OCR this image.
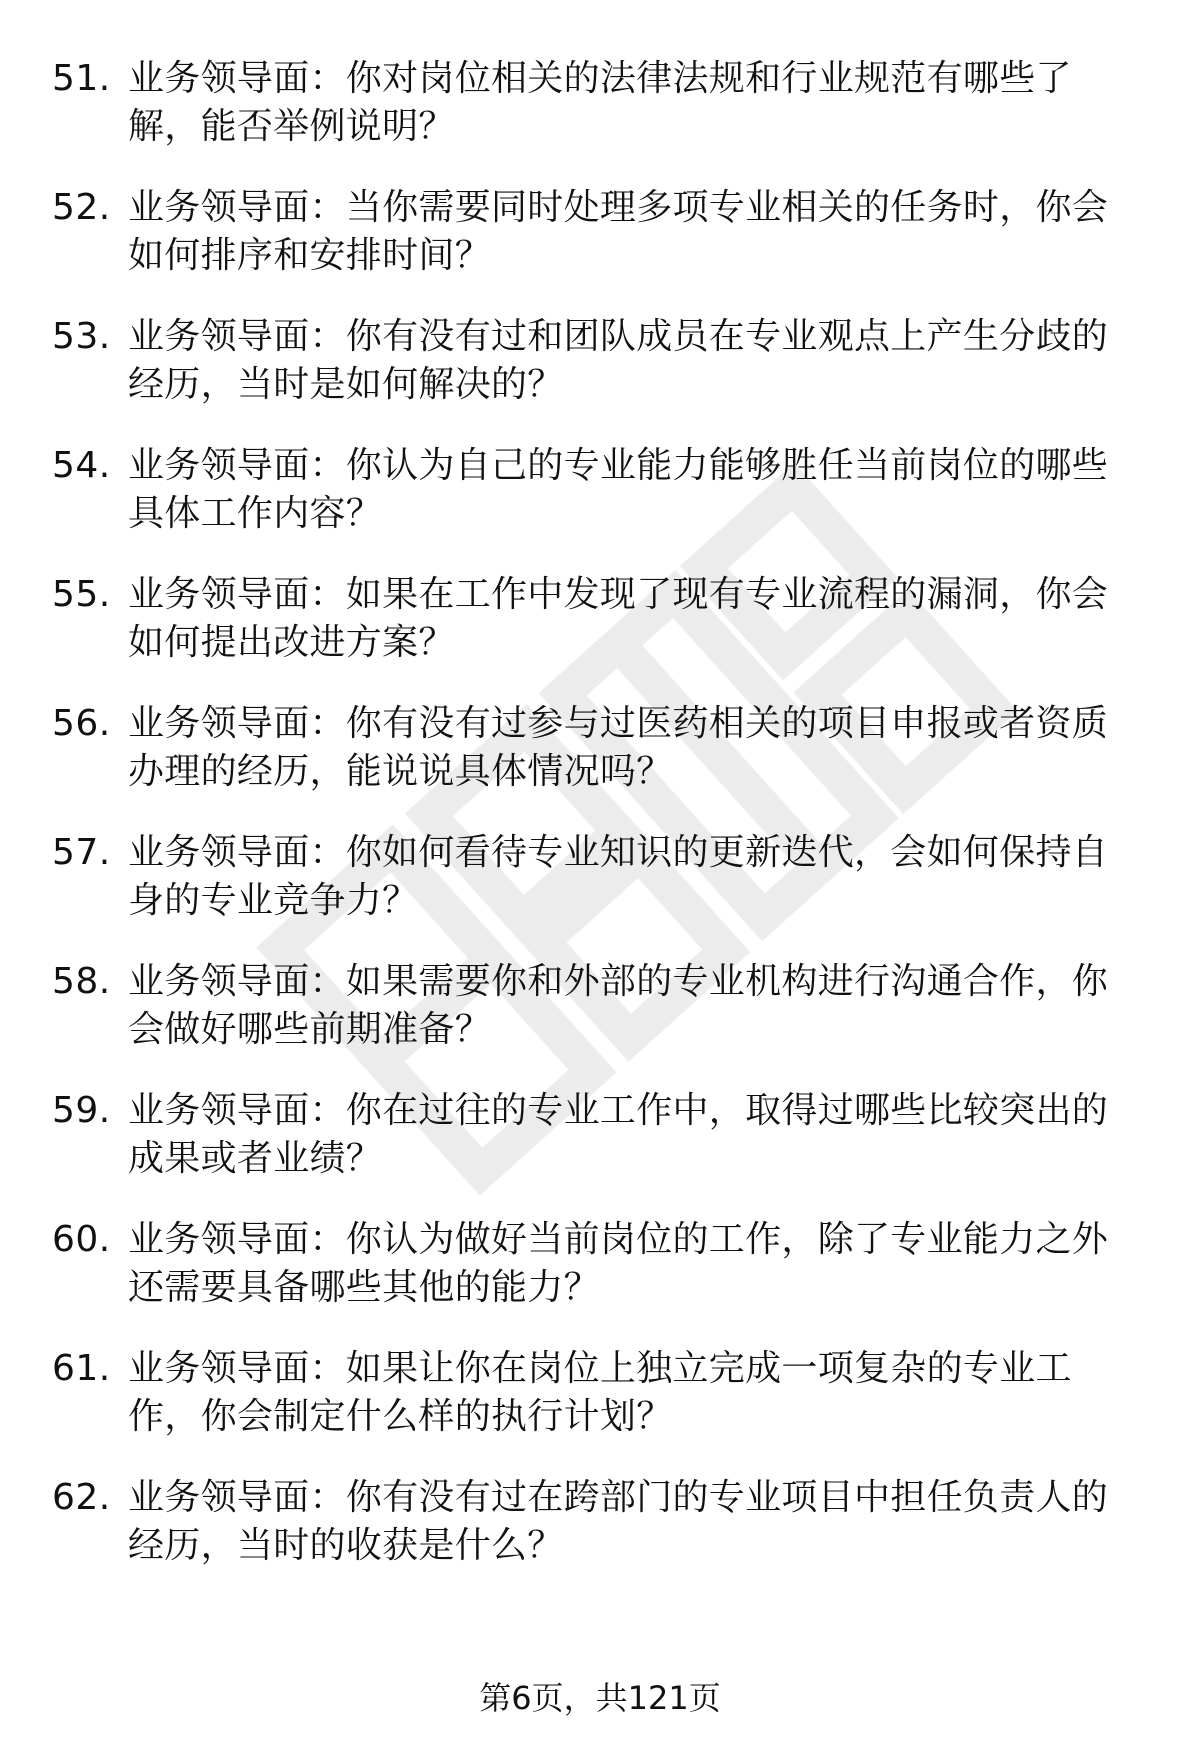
51. 业务领导面：你对岗位相关的法律法规和行业规范有哪些了解，能否举例说明？
52. 业务领导面：当你需要同时处理多项专业相关的任务时，你会如何排序和安排时间？
53. 业务领导面：你有没有过和团队成员在专业观点上产生分歧的经历，当时是如何解决的？
54. 业务领导面：你认为自己的专业能力能够胜任当前岗位的哪些具体工作内容？
55. 业务领导面：如果在工作中发现了现有专业流程的漏洞，你会如何提出改进方案？
56. 业务领导面：你有没有过参与过医药相关的项目申报或者资质办理的经历，能说说具体情况吗？
57. 业务领导面：你如何看待专业知识的更新迭代，会如何保持自身的专业竞争力？
58. 业务领导面：如果需要你和外部的专业机构进行沟通合作，你会做好哪些前期准备？
59. 业务领导面：你在过往的专业工作中，取得过哪些比较突出的成果或者业绩？
60. 业务领导面：你认为做好当前岗位的工作，除了专业能力之外还需要具备哪些其他的能力？
61. 业务领导面：如果让你在岗位上独立完成一项复杂的专业工作，你会制定什么样的执行计划？
62. 业务领导面：你有没有过在跨部门的专业项目中担任负责人的经历，当时的收获是什么？
第6页，共121页
